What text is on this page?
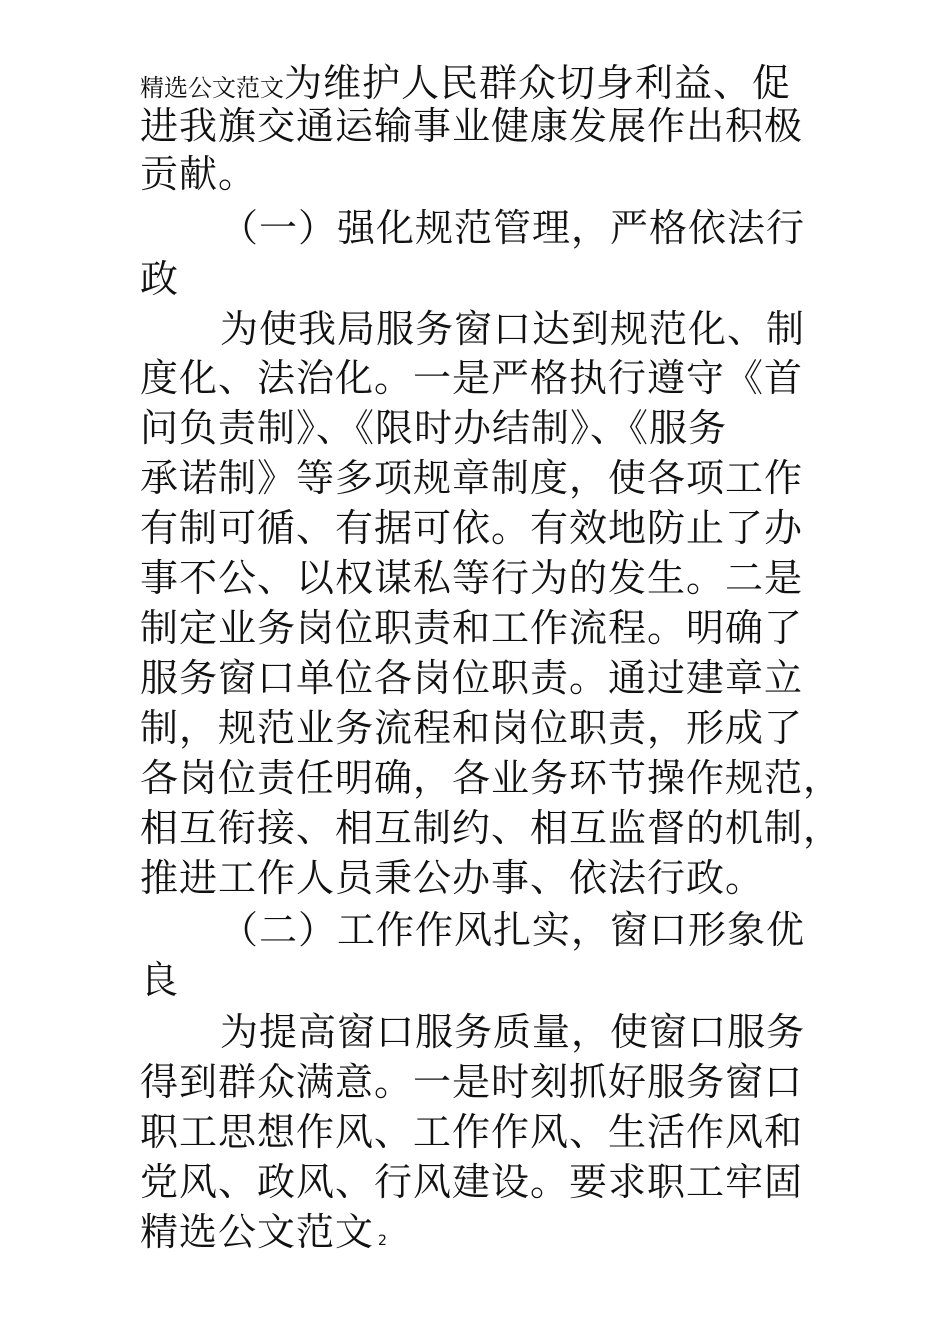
精选公文范文为维护人民群众切身利益、促
进我旗交通运输事业健康发展作出积极
贡献。
（一）强化规范管理，严格依法行
政
为使我局服务窗口达到规范化、制
度化、法治化。一是严格执行遵守《首
问负责制》、《限时办结制》、《服务
承诺制》等多项规章制度，使各项工作
有制可循、有据可依。有效地防止了办
事不公、以权谋私等行为的发生。二是
制定业务岗位职责和工作流程。明确了
服务窗口单位各岗位职责。通过建章立
制，规范业务流程和岗位职责，形成了
各岗位责任明确，各业务环节操作规范，
相互衔接、相互制约、相互监督的机制，
推进工作人员秉公办事、依法行政。
（二）工作作风扎实，窗口形象优
良
为提高窗口服务质量，使窗口服务
得到群众满意。一是时刻抓好服务窗口
职工思想作风、工作作风、生活作风和
党风、政风、行风建设。要求职工牢固
精选公文范文 2
